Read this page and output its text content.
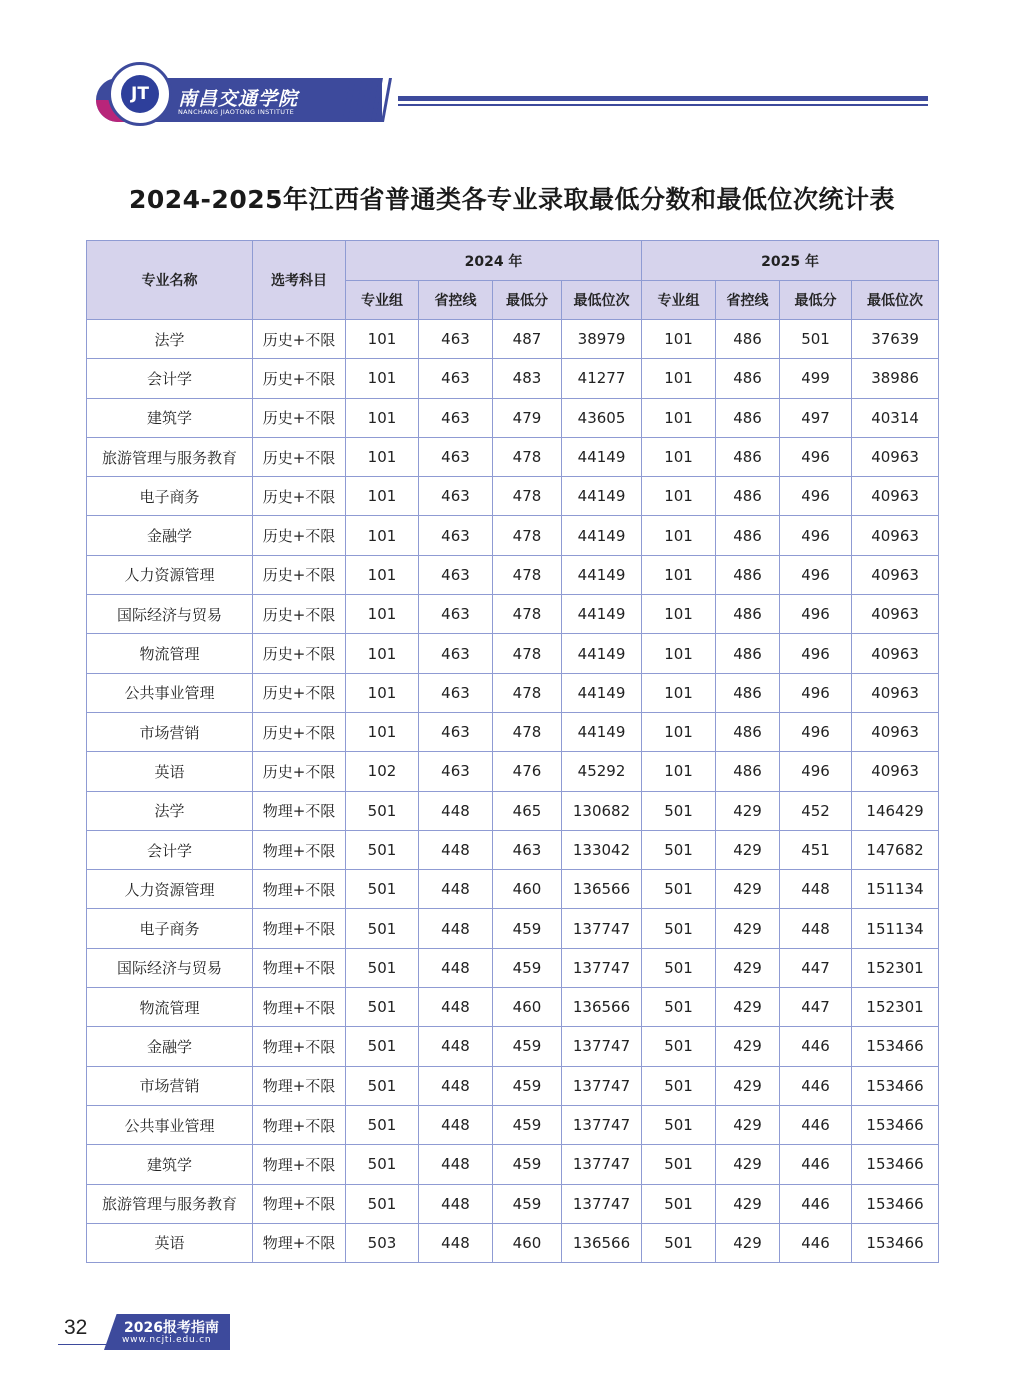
JT	南昌交通学院
NANCHANG JIAOTONG INSTITUTE
2024-2025年江西省普通类各专业录取最低分数和最低位次统计表
专业名称	选考科目	2024 年				2025 年			
		专业组	省控线	最低分	最低位次	专业组	省控线	最低分	最低位次
法学	历史+不限	101	463	487	38979	101	486	501	37639
会计学	历史+不限	101	463	483	41277	101	486	499	38986
建筑学	历史+不限	101	463	479	43605	101	486	497	40314
旅游管理与服务教育	历史+不限	101	463	478	44149	101	486	496	40963
电子商务	历史+不限	101	463	478	44149	101	486	496	40963
金融学	历史+不限	101	463	478	44149	101	486	496	40963
人力资源管理	历史+不限	101	463	478	44149	101	486	496	40963
国际经济与贸易	历史+不限	101	463	478	44149	101	486	496	40963
物流管理	历史+不限	101	463	478	44149	101	486	496	40963
公共事业管理	历史+不限	101	463	478	44149	101	486	496	40963
市场营销	历史+不限	101	463	478	44149	101	486	496	40963
英语	历史+不限	102	463	476	45292	101	486	496	40963
法学	物理+不限	501	448	465	130682	501	429	452	146429
会计学	物理+不限	501	448	463	133042	501	429	451	147682
人力资源管理	物理+不限	501	448	460	136566	501	429	448	151134
电子商务	物理+不限	501	448	459	137747	501	429	448	151134
国际经济与贸易	物理+不限	501	448	459	137747	501	429	447	152301
物流管理	物理+不限	501	448	460	136566	501	429	447	152301
金融学	物理+不限	501	448	459	137747	501	429	446	153466
市场营销	物理+不限	501	448	459	137747	501	429	446	153466
公共事业管理	物理+不限	501	448	459	137747	501	429	446	153466
建筑学	物理+不限	501	448	459	137747	501	429	446	153466
旅游管理与服务教育	物理+不限	501	448	459	137747	501	429	446	153466
英语	物理+不限	503	448	460	136566	501	429	446	153466
32	2026报考指南
www.ncjti.edu.cn
